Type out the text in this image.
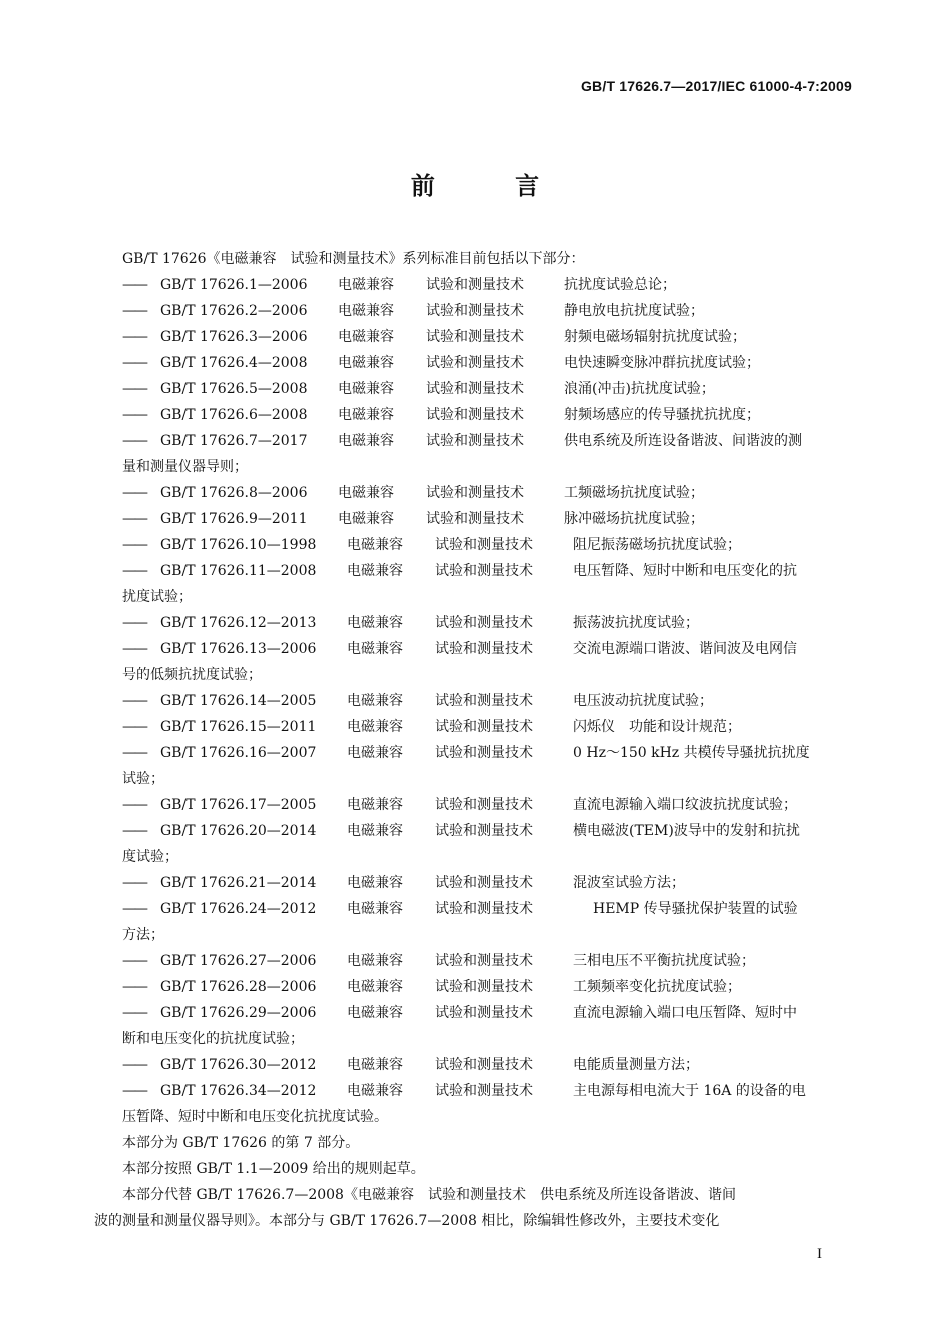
GB/T 17626.7—2017/IEC 61000-4-7:2009
前 言

GB/T 17626《电磁兼容　试验和测量技术》系列标准目前包括以下部分：

——	GB/T 17626.1—2006	电磁兼容	试验和测量技术	抗扰度试验总论；
——	GB/T 17626.2—2006	电磁兼容	试验和测量技术	静电放电抗扰度试验；
——	GB/T 17626.3—2006	电磁兼容	试验和测量技术	射频电磁场辐射抗扰度试验；
——	GB/T 17626.4—2008	电磁兼容	试验和测量技术	电快速瞬变脉冲群抗扰度试验；
——	GB/T 17626.5—2008	电磁兼容	试验和测量技术	浪涌(冲击)抗扰度试验；
——	GB/T 17626.6—2008	电磁兼容	试验和测量技术	射频场感应的传导骚扰抗扰度；
——	GB/T 17626.7—2017	电磁兼容	试验和测量技术	供电系统及所连设备谐波、间谐波的测
量和测量仪器导则；
——	GB/T 17626.8—2006	电磁兼容	试验和测量技术	工频磁场抗扰度试验；
——	GB/T 17626.9—2011	电磁兼容	试验和测量技术	脉冲磁场抗扰度试验；
——	GB/T 17626.10—1998	电磁兼容	试验和测量技术	阻尼振荡磁场抗扰度试验；
——	GB/T 17626.11—2008	电磁兼容	试验和测量技术	电压暂降、短时中断和电压变化的抗
扰度试验；
——	GB/T 17626.12—2013	电磁兼容	试验和测量技术	振荡波抗扰度试验；
——	GB/T 17626.13—2006	电磁兼容	试验和测量技术	交流电源端口谐波、谐间波及电网信
号的低频抗扰度试验；
——	GB/T 17626.14—2005	电磁兼容	试验和测量技术	电压波动抗扰度试验；
——	GB/T 17626.15—2011	电磁兼容	试验和测量技术	闪烁仪　功能和设计规范；
——	GB/T 17626.16—2007	电磁兼容	试验和测量技术	0 Hz～150 kHz 共模传导骚扰抗扰度
试验；
——	GB/T 17626.17—2005	电磁兼容	试验和测量技术	直流电源输入端口纹波抗扰度试验；
——	GB/T 17626.20—2014	电磁兼容	试验和测量技术	横电磁波(TEM)波导中的发射和抗扰
度试验；
——	GB/T 17626.21—2014	电磁兼容	试验和测量技术	混波室试验方法；
——	GB/T 17626.24—2012	电磁兼容	试验和测量技术	HEMP 传导骚扰保护装置的试验
方法；
——	GB/T 17626.27—2006	电磁兼容	试验和测量技术	三相电压不平衡抗扰度试验；
——	GB/T 17626.28—2006	电磁兼容	试验和测量技术	工频频率变化抗扰度试验；
——	GB/T 17626.29—2006	电磁兼容	试验和测量技术	直流电源输入端口电压暂降、短时中
断和电压变化的抗扰度试验；
——	GB/T 17626.30—2012	电磁兼容	试验和测量技术	电能质量测量方法；
——	GB/T 17626.34—2012	电磁兼容	试验和测量技术	主电源每相电流大于 16A 的设备的电
压暂降、短时中断和电压变化抗扰度试验。

本部分为 GB/T 17626 的第 7 部分。

本部分按照 GB/T 1.1—2009 给出的规则起草。

本部分代替 GB/T 17626.7—2008《电磁兼容　试验和测量技术　供电系统及所连设备谐波、谐间

波的测量和测量仪器导则》。本部分与 GB/T 17626.7—2008 相比，除编辑性修改外，主要技术变化

I
